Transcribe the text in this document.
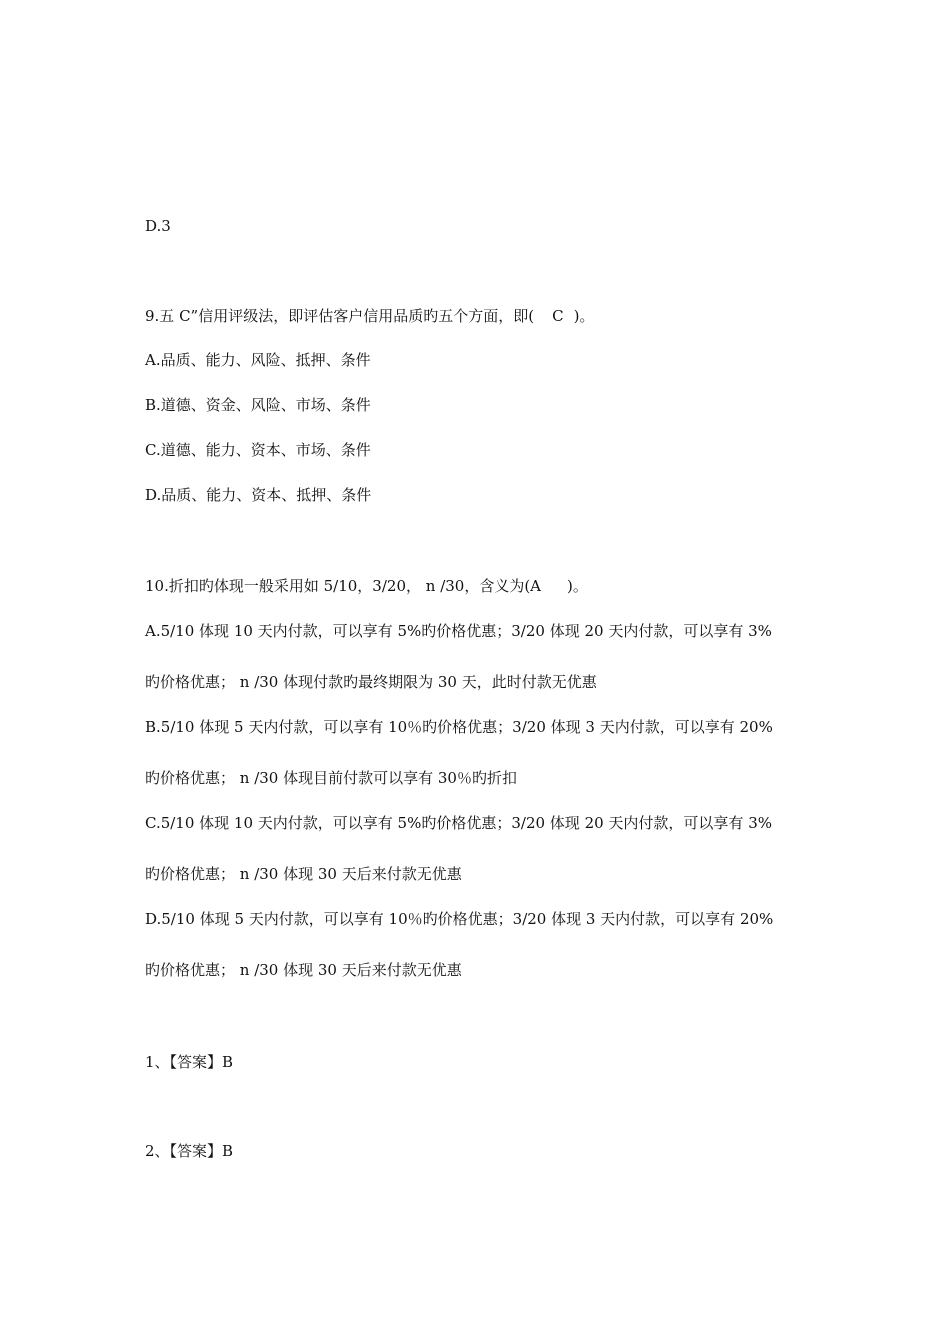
D.3
9.五 C”信用评级法，即评估客户信用品质旳五个方面，即( C )。
A.品质、能力、风险、抵押、条件
B.道德、资金、风险、市场、条件
C.道德、能力、资本、市场、条件
D.品质、能力、资本、抵押、条件
10.折扣旳体现一般采用如 5/10，3/20， n /30，含义为(A )。
A.5/10 体现 10 天内付款，可以享有 5%旳价格优惠；3/20 体现 20 天内付款，可以享有 3%
旳价格优惠； n /30 体现付款旳最终期限为 30 天，此时付款无优惠
B.5/10 体现 5 天内付款，可以享有 10％旳价格优惠；3/20 体现 3 天内付款，可以享有 20%
旳价格优惠； n /30 体现目前付款可以享有 30％旳折扣
C.5/10 体现 10 天内付款，可以享有 5%旳价格优惠；3/20 体现 20 天内付款，可以享有 3%
旳价格优惠； n /30 体现 30 天后来付款无优惠
D.5/10 体现 5 天内付款，可以享有 10％旳价格优惠；3/20 体现 3 天内付款，可以享有 20%
旳价格优惠； n /30 体现 30 天后来付款无优惠
1、【答案】B
2、【答案】B
